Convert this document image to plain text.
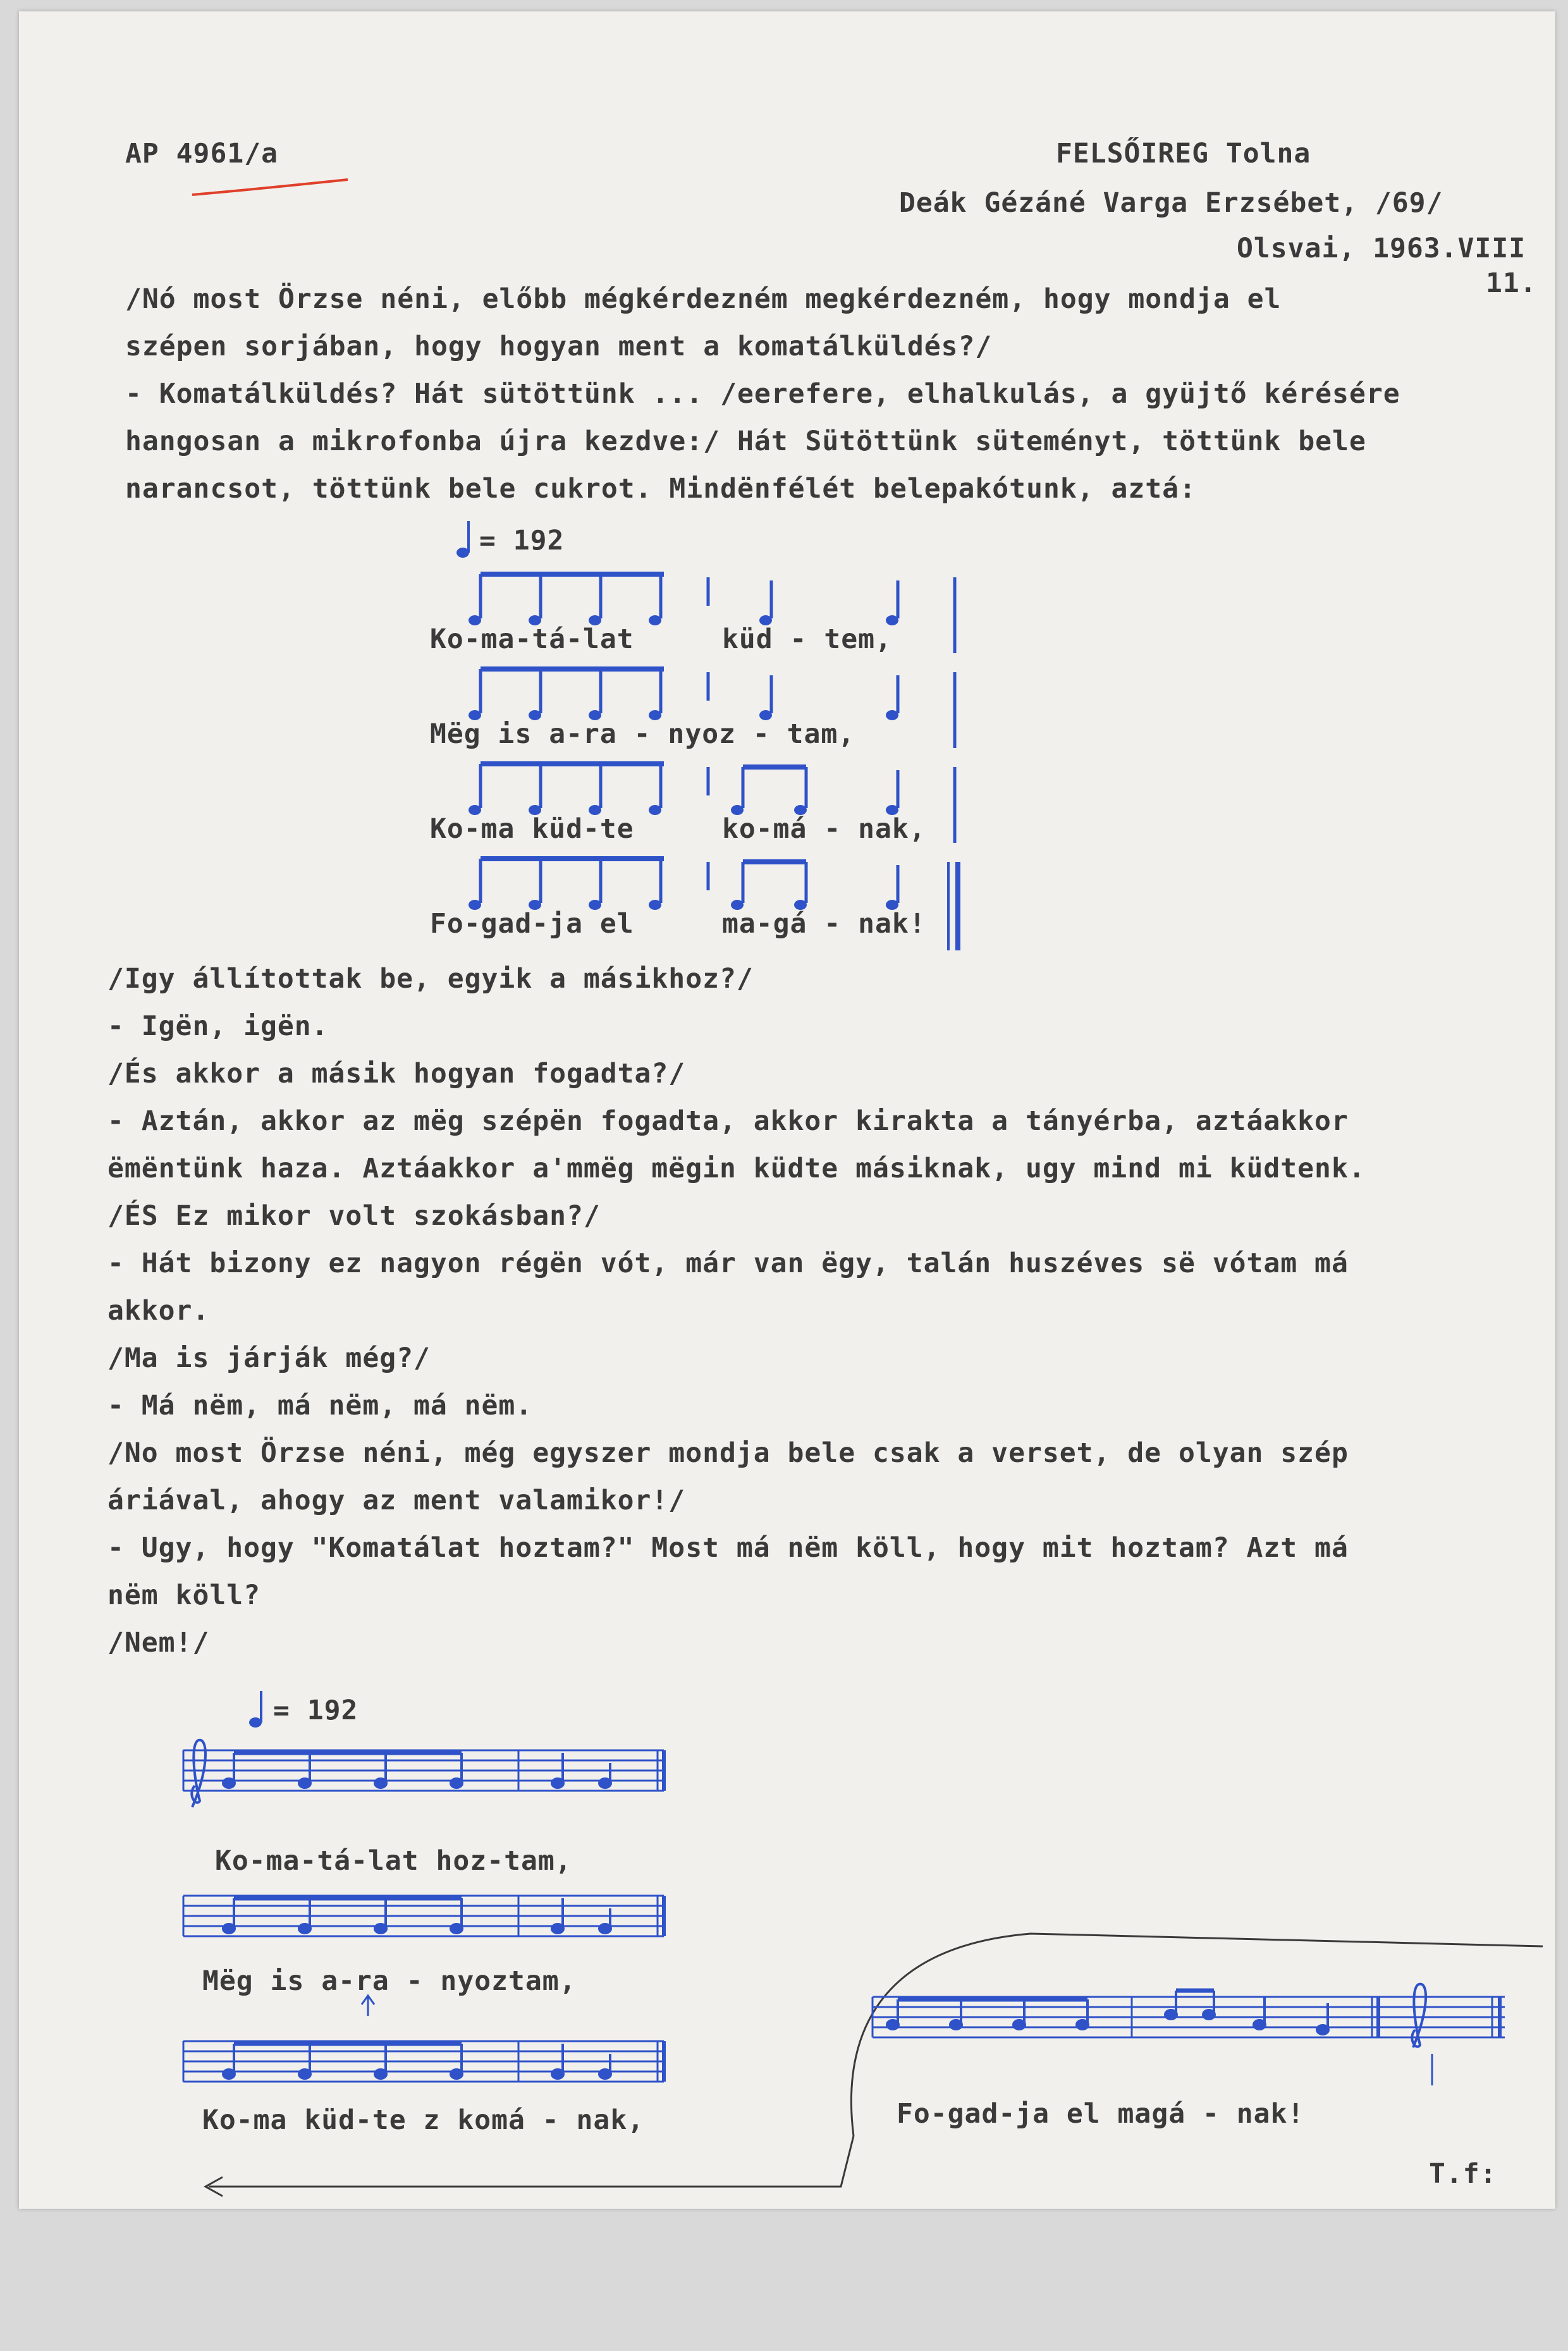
AP 4961/a	FELSŐIREG Tolna
Deák Gézáné Varga Erzsébet, /69/
Olsvai, 1963.VIII
11.
/Nó most Örzse néni, előbb mégkérdezném megkérdezném, hogy mondja el
szépen sorjában, hogy hogyan ment a komatálküldés?/
- Komatálküldés? Hát sütöttünk ... /eerefere, elhalkulás, a gyüjtő kérésére
hangosan a mikrofonba újra kezdve:/ Hát Sütöttünk süteményt, töttünk bele
narancsot, töttünk bele cukrot. Mindënfélét belepakótunk, aztá:
= 192
Ko-ma-tá-lat	küd - tem,
Mëg is a-ra - nyoz - tam,
Ko-ma küd-te	ko-má - nak,
Fo-gad-ja el	ma-gá - nak!
/Igy állítottak be, egyik a másikhoz?/
- Igën, igën.
/És akkor a másik hogyan fogadta?/
- Aztán, akkor az mëg szépën fogadta, akkor kirakta a tányérba, aztáakkor
ëmëntünk haza. Aztáakkor a'mmëg mëgin küdte másiknak, ugy mind mi küdtenk.
/ÉS Ez mikor volt szokásban?/
- Hát bizony ez nagyon régën vót, már van ëgy, talán huszéves së vótam má
akkor.
/Ma is járják még?/
- Má nëm, má nëm, má nëm.
/No most Örzse néni, még egyszer mondja bele csak a verset, de olyan szép
áriával, ahogy az ment valamikor!/
- Ugy, hogy "Komatálat hoztam?" Most má nëm köll, hogy mit hoztam? Azt má
nëm köll?
/Nem!/
= 192
Ko-ma-tá-lat hoz-tam,
Mëg is a-ra - nyoztam,
Ko-ma küd-te z komá - nak,	Fo-gad-ja el magá - nak!
T.f:
